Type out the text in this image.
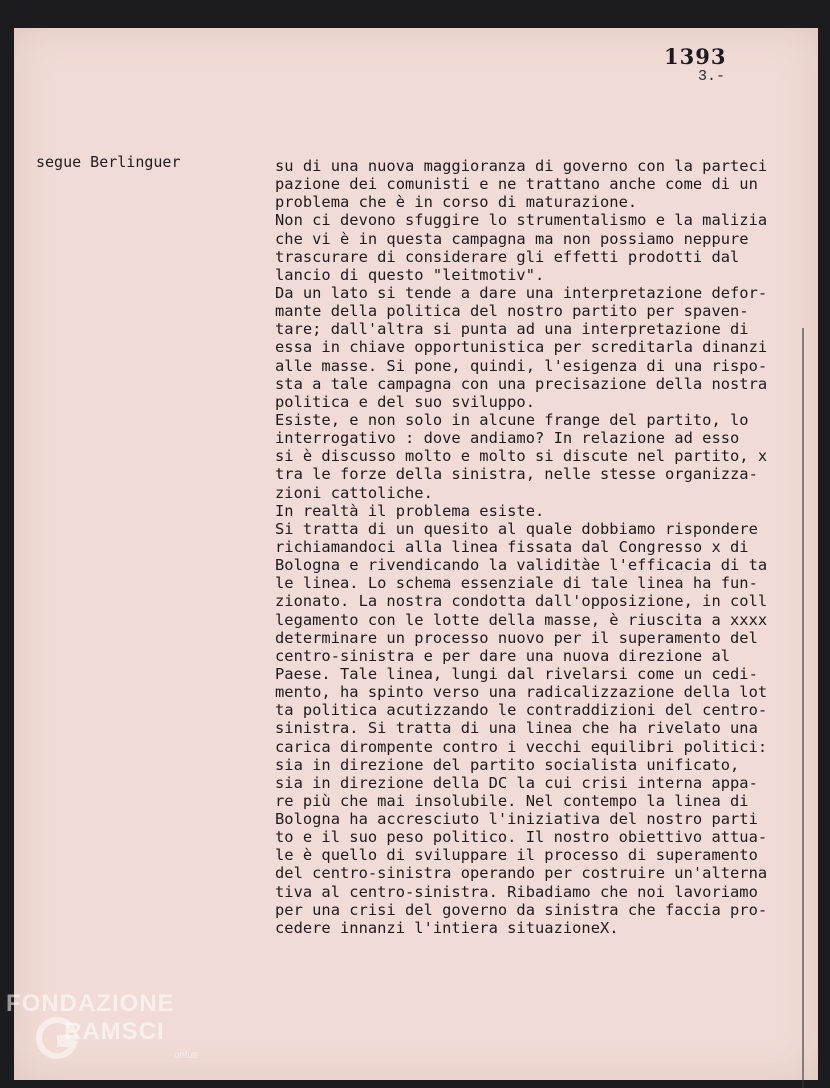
1393
3.-
segue Berlinguer	su di una nuova maggioranza di governo con la parteci
pazione dei comunisti e ne trattano anche come di un
problema che è in corso di maturazione.
Non ci devono sfuggire lo strumentalismo e la malizia
che vi è in questa campagna ma non possiamo neppure
trascurare di considerare gli effetti prodotti dal
lancio di questo "leitmotiv".
Da un lato si tende a dare una interpretazione defor-
mante della politica del nostro partito per spaven-
tare; dall'altra si punta ad una interpretazione di
essa in chiave opportunistica per screditarla dinanzi
alle masse. Si pone, quindi, l'esigenza di una rispo-
sta a tale campagna con una precisazione della nostra
politica e del suo sviluppo.
Esiste, e non solo in alcune frange del partito, lo
interrogativo : dove andiamo? In relazione ad esso
si è discusso molto e molto si discute nel partito, x
tra le forze della sinistra, nelle stesse organizza-
zioni cattoliche.
In realtà il problema esiste.
Si tratta di un quesito al quale dobbiamo rispondere
richiamandoci alla linea fissata dal Congresso x di
Bologna e rivendicando la validitàe l'efficacia di ta
le linea. Lo schema essenziale di tale linea ha fun-
zionato. La nostra condotta dall'opposizione, in coll
legamento con le lotte della masse, è riuscita a xxxx
determinare un processo nuovo per il superamento del
centro-sinistra e per dare una nuova direzione al
Paese. Tale linea, lungi dal rivelarsi come un cedi-
mento, ha spinto verso una radicalizzazione della lot
ta politica acutizzando le contraddizioni del centro-
sinistra. Si tratta di una linea che ha rivelato una
carica dirompente contro i vecchi equilibri politici:
sia in direzione del partito socialista unificato,
sia in direzione della DC la cui crisi interna appa-
re più che mai insolubile. Nel contempo la linea di
Bologna ha accresciuto l'iniziativa del nostro parti
to e il suo peso politico. Il nostro obiettivo attua-
le è quello di sviluppare il processo di superamento
del centro-sinistra operando per costruire un'alterna
tiva al centro-sinistra. Ribadiamo che noi lavoriamo
per una crisi del governo da sinistra che faccia pro-
cedere innanzi l'intiera situazioneX.
FONDAZIONE
RAMSCI
onlus
